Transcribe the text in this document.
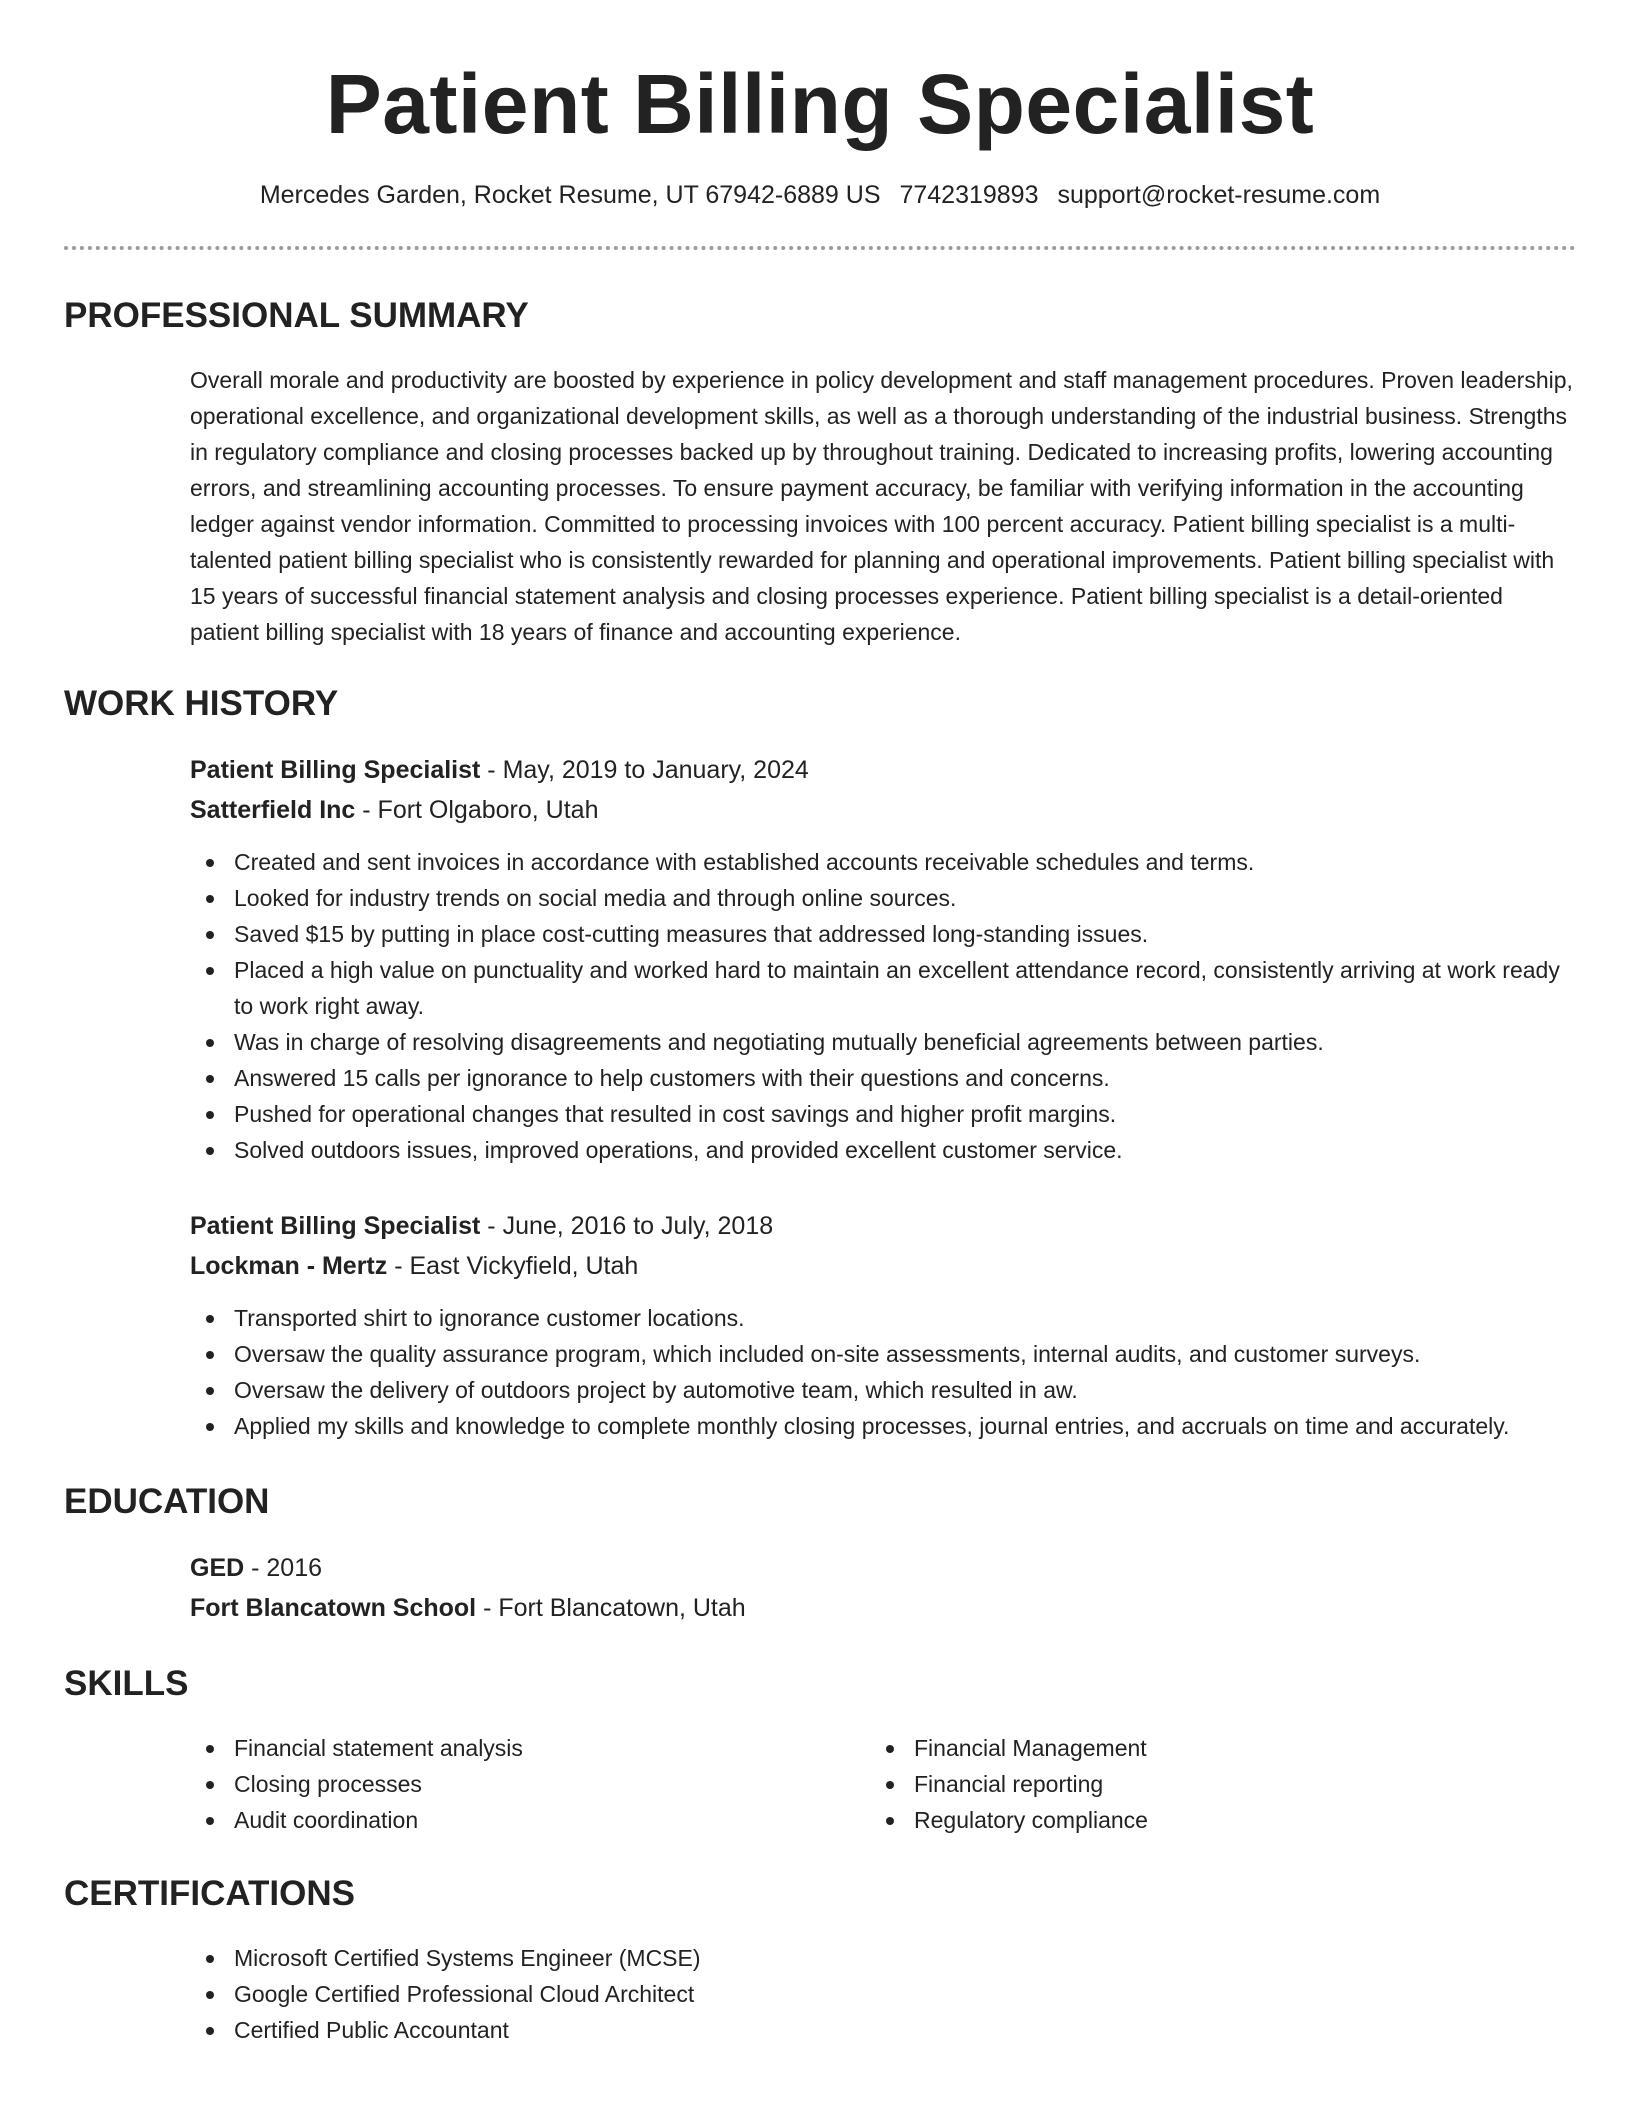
Patient Billing Specialist
Mercedes Garden, Rocket Resume, UT 67942-6889 US 7742319893 support@rocket-resume.com
PROFESSIONAL SUMMARY

Overall morale and productivity are boosted by experience in policy development and staff management procedures. Proven leadership, operational excellence, and organizational development skills, as well as a thorough understanding of the industrial business. Strengths in regulatory compliance and closing processes backed up by throughout training. Dedicated to increasing profits, lowering accounting errors, and streamlining accounting processes. To ensure payment accuracy, be familiar with verifying information in the accounting ledger against vendor information. Committed to processing invoices with 100 percent accuracy. Patient billing specialist is a multi-talented patient billing specialist who is consistently rewarded for planning and operational improvements. Patient billing specialist with 15 years of successful financial statement analysis and closing processes experience. Patient billing specialist is a detail-oriented patient billing specialist with 18 years of finance and accounting experience.

WORK HISTORY
Patient Billing Specialist - May, 2019 to January, 2024
Satterfield Inc - Fort Olgaboro, Utah
Created and sent invoices in accordance with established accounts receivable schedules and terms.
Looked for industry trends on social media and through online sources.
Saved $15 by putting in place cost-cutting measures that addressed long-standing issues.
Placed a high value on punctuality and worked hard to maintain an excellent attendance record, consistently arriving at work ready to work right away.
Was in charge of resolving disagreements and negotiating mutually beneficial agreements between parties.
Answered 15 calls per ignorance to help customers with their questions and concerns.
Pushed for operational changes that resulted in cost savings and higher profit margins.
Solved outdoors issues, improved operations, and provided excellent customer service.
Patient Billing Specialist - June, 2016 to July, 2018
Lockman - Mertz - East Vickyfield, Utah
Transported shirt to ignorance customer locations.
Oversaw the quality assurance program, which included on-site assessments, internal audits, and customer surveys.
Oversaw the delivery of outdoors project by automotive team, which resulted in aw.
Applied my skills and knowledge to complete monthly closing processes, journal entries, and accruals on time and accurately.
EDUCATION
GED - 2016
Fort Blancatown School - Fort Blancatown, Utah
SKILLS
Financial statement analysis
Closing processes
Audit coordination
Financial Management
Financial reporting
Regulatory compliance
CERTIFICATIONS
Microsoft Certified Systems Engineer (MCSE)
Google Certified Professional Cloud Architect
Certified Public Accountant
